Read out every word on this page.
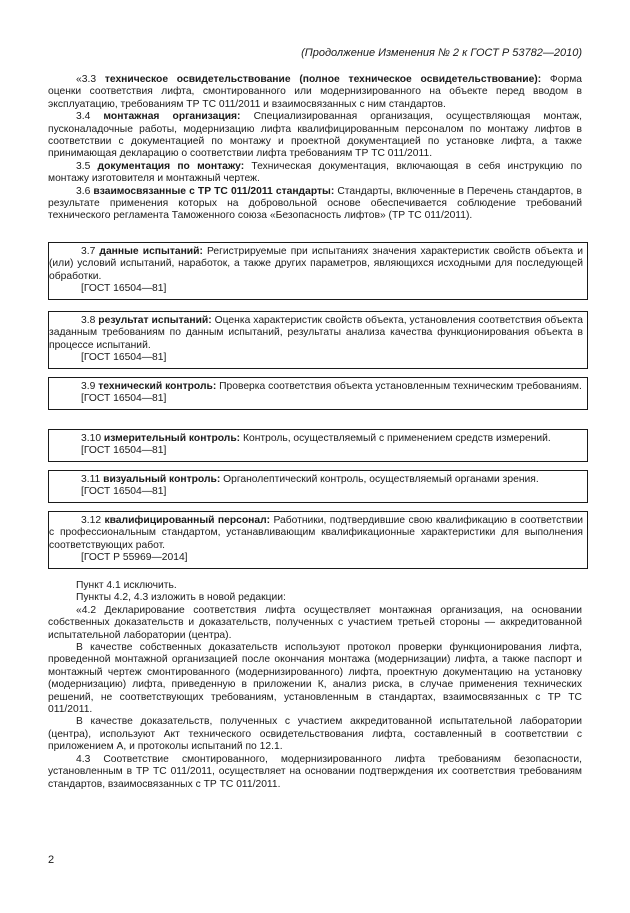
(Продолжение Изменения № 2 к ГОСТ Р 53782—2010)

«3.3 техническое освидетельствование (полное техническое освидетельствование): Форма оценки соответствия лифта, смонтированного или модернизированного на объекте перед вводом в эксплуатацию, требованиям ТР ТС 011/2011 и взаимосвязанных с ним стандартов.

3.4 монтажная организация: Специализированная организация, осуществляющая монтаж, пусконаладочные работы, модернизацию лифта квалифицированным персоналом по монтажу лифтов в соответствии с документацией по монтажу и проектной документацией по установке лифта, а также принимающая декларацию о соответствии лифта требованиям ТР ТС 011/2011.

3.5 документация по монтажу: Техническая документация, включающая в себя инструкцию по монтажу изготовителя и монтажный чертеж.

3.6 взаимосвязанные с ТР ТС 011/2011 стандарты: Стандарты, включенные в Перечень стандартов, в результате применения которых на добровольной основе обеспечивается соблюдение требований технического регламента Таможенного союза «Безопасность лифтов» (ТР ТС 011/2011).

3.7 данные испытаний: Регистрируемые при испытаниях значения характеристик свойств объекта и (или) условий испытаний, наработок, а также других параметров, являющихся исходными для последующей обработки.

[ГОСТ 16504—81]

3.8 результат испытаний: Оценка характеристик свойств объекта, установления соответствия объекта заданным требованиям по данным испытаний, результаты анализа качества функционирования объекта в процессе испытаний.

[ГОСТ 16504—81]

3.9 технический контроль: Проверка соответствия объекта установленным техническим требованиям.

[ГОСТ 16504—81]

3.10 измерительный контроль: Контроль, осуществляемый с применением средств измерений.

[ГОСТ 16504—81]

3.11 визуальный контроль: Органолептический контроль, осуществляемый органами зрения.

[ГОСТ 16504—81]

3.12 квалифицированный персонал: Работники, подтвердившие свою квалификацию в соответствии с профессиональным стандартом, устанавливающим квалификационные характеристики для выполнения соответствующих работ.

[ГОСТ Р 55969—2014]

Пункт 4.1 исключить.

Пункты 4.2, 4.3 изложить в новой редакции:

«4.2 Декларирование соответствия лифта осуществляет монтажная организация, на основании собственных доказательств и доказательств, полученных с участием третьей стороны — аккредитованной испытательной лаборатории (центра).

В качестве собственных доказательств используют протокол проверки функционирования лифта, проведенной монтажной организацией после окончания монтажа (модернизации) лифта, а также паспорт и монтажный чертеж смонтированного (модернизированного) лифта, проектную документацию на установку (модернизацию) лифта, приведенную в приложении К, анализ риска, в случае применения технических решений, не соответствующих требованиям, установленным в стандартах, взаимосвязанных с ТР ТС 011/2011.

В качестве доказательств, полученных с участием аккредитованной испытательной лаборатории (центра), используют Акт технического освидетельствования лифта, составленный в соответствии с приложением А, и протоколы испытаний по 12.1.

4.3 Соответствие смонтированного, модернизированного лифта требованиям безопасности, установленным в ТР ТС 011/2011, осуществляет на основании подтверждения их соответствия требованиям стандартов, взаимосвязанных с ТР ТС 011/2011.

2
